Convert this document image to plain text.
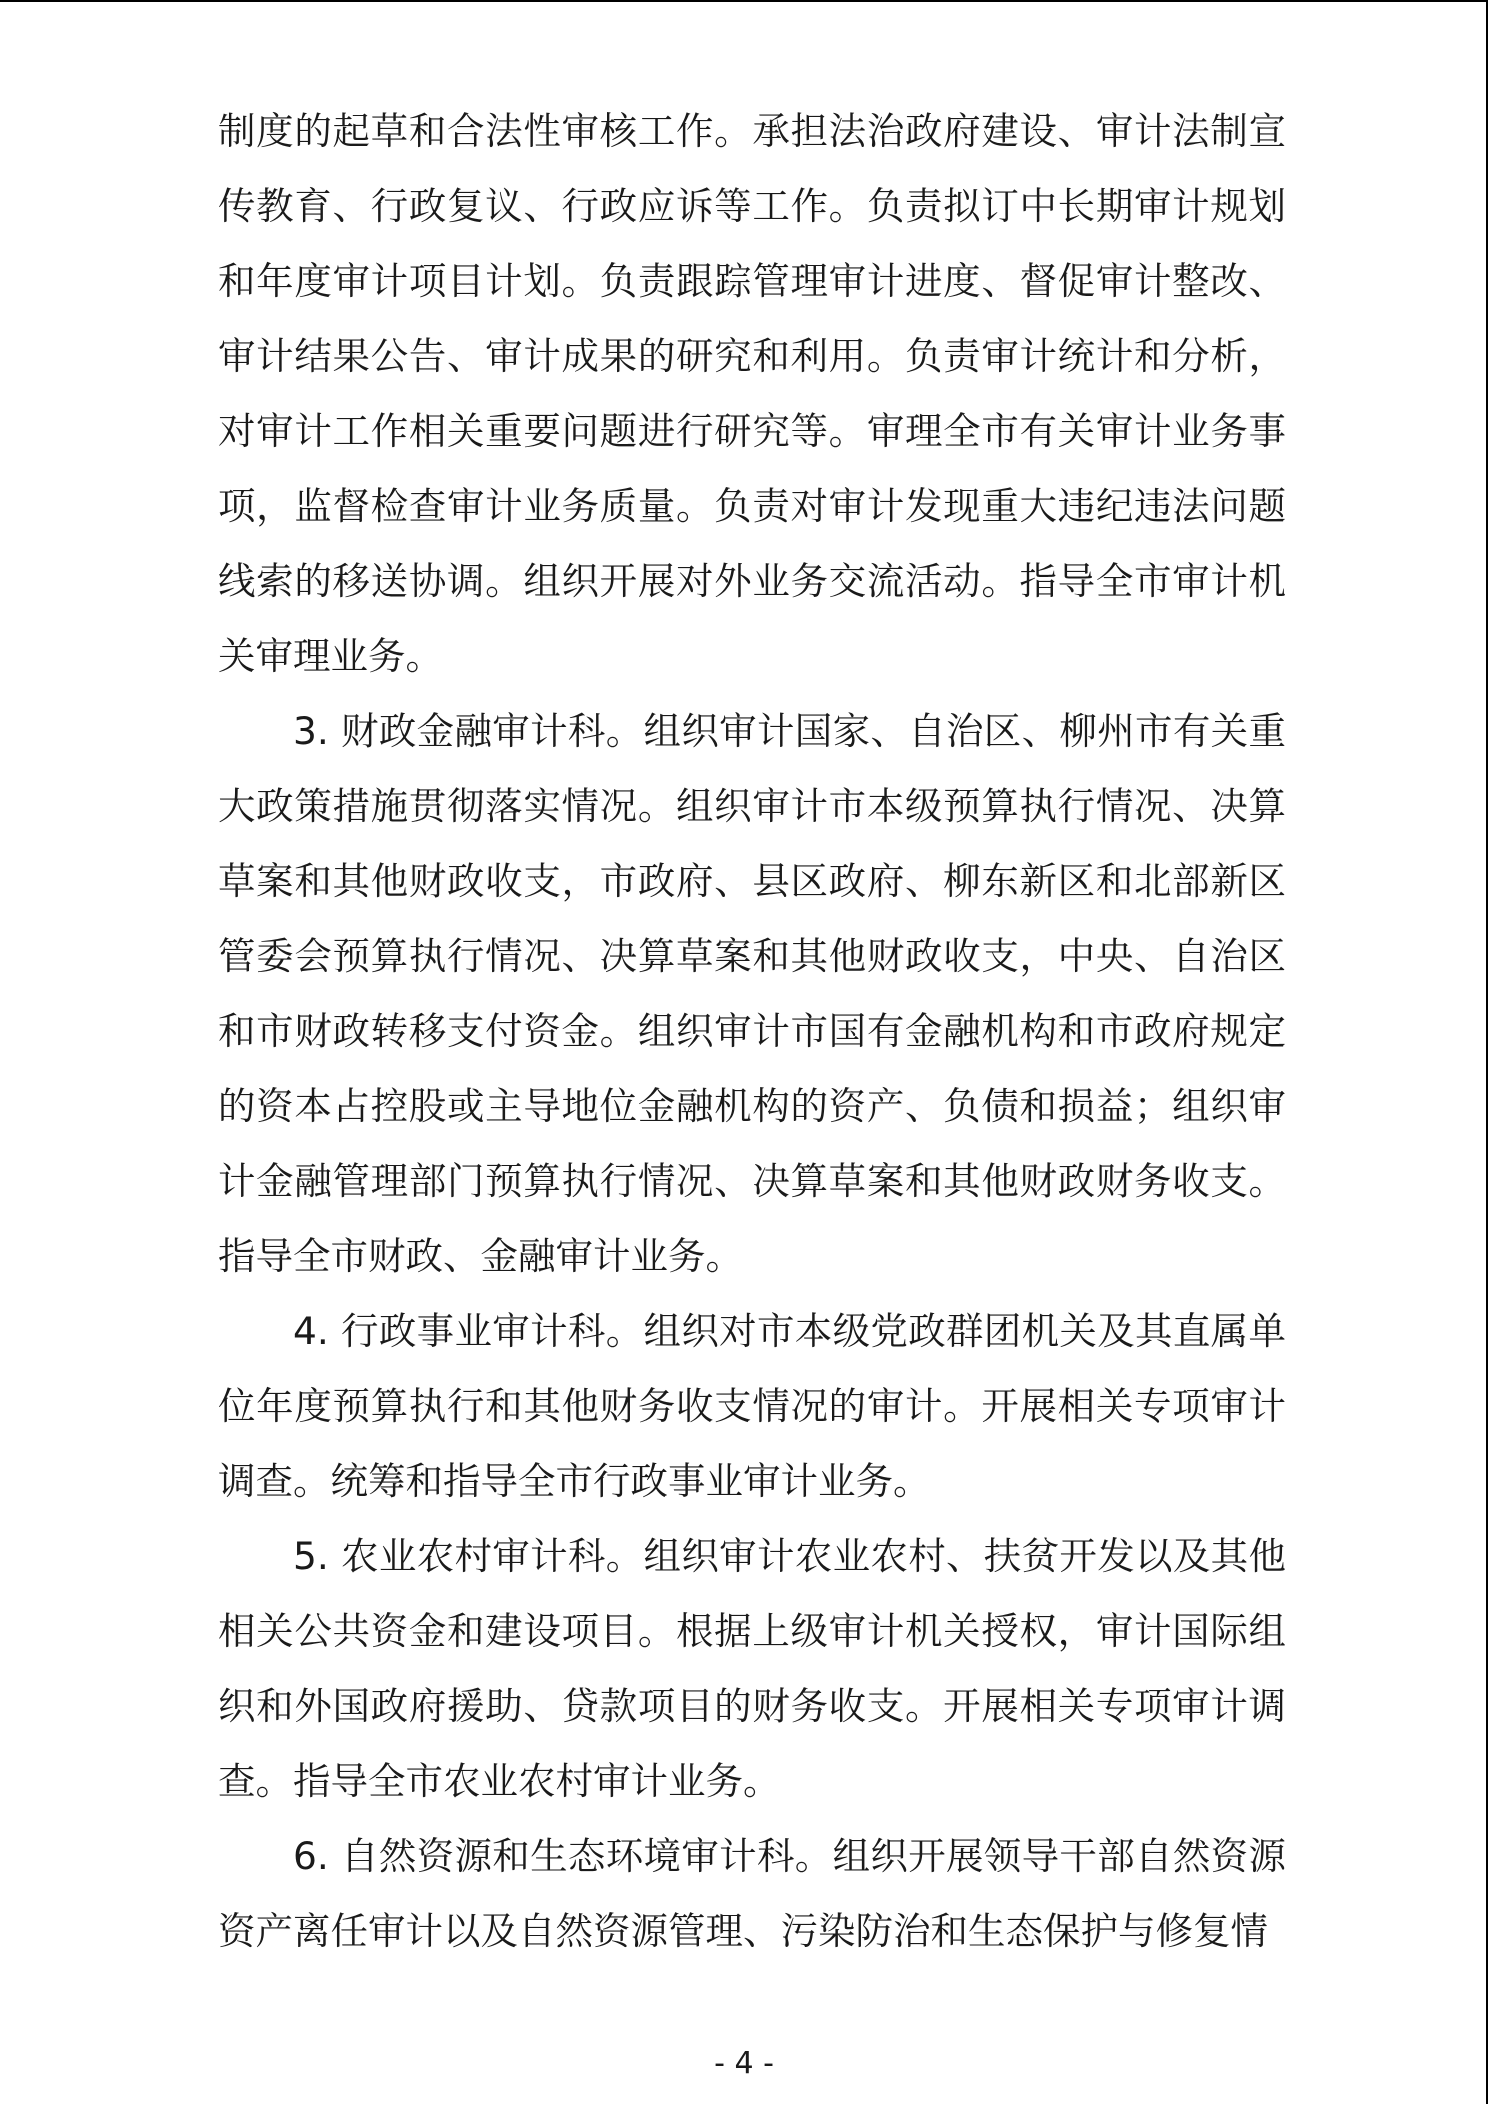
制度的起草和合法性审核工作。承担法治政府建设、审计法制宣传教育、行政复议、行政应诉等工作。负责拟订中长期审计规划和年度审计项目计划。负责跟踪管理审计进度、督促审计整改、审计结果公告、审计成果的研究和利用。负责审计统计和分析，对审计工作相关重要问题进行研究等。审理全市有关审计业务事项，监督检查审计业务质量。负责对审计发现重大违纪违法问题线索的移送协调。组织开展对外业务交流活动。指导全市审计机关审理业务。

3. 财政金融审计科。组织审计国家、自治区、柳州市有关重大政策措施贯彻落实情况。组织审计市本级预算执行情况、决算草案和其他财政收支，市政府、县区政府、柳东新区和北部新区管委会预算执行情况、决算草案和其他财政收支，中央、自治区和市财政转移支付资金。组织审计市国有金融机构和市政府规定的资本占控股或主导地位金融机构的资产、负债和损益；组织审计金融管理部门预算执行情况、决算草案和其他财政财务收支。指导全市财政、金融审计业务。

4. 行政事业审计科。组织对市本级党政群团机关及其直属单位年度预算执行和其他财务收支情况的审计。开展相关专项审计调查。统筹和指导全市行政事业审计业务。

5. 农业农村审计科。组织审计农业农村、扶贫开发以及其他相关公共资金和建设项目。根据上级审计机关授权，审计国际组织和外国政府援助、贷款项目的财务收支。开展相关专项审计调查。指导全市农业农村审计业务。

6. 自然资源和生态环境审计科。组织开展领导干部自然资源资产离任审计以及自然资源管理、污染防治和生态保护与修复情

- 4 -
